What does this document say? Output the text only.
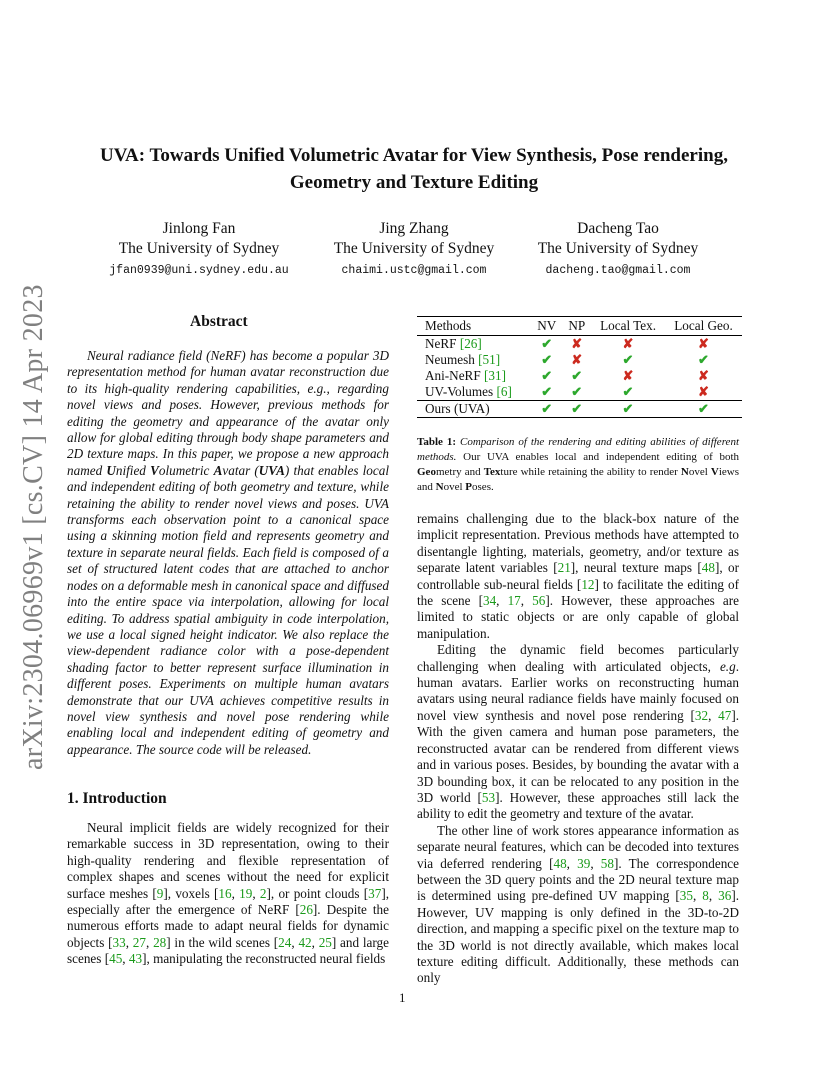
UVA: Towards Unified Volumetric Avatar for View Synthesis, Pose rendering, Geometry and Texture Editing
Jinlong Fan
The University of Sydney
jfan0939@uni.sydney.edu.au
Jing Zhang
The University of Sydney
chaimi.ustc@gmail.com
Dacheng Tao
The University of Sydney
dacheng.tao@gmail.com
arXiv:2304.06969v1 [cs.CV] 14 Apr 2023	Abstract

Neural radiance field (NeRF) has become a popular 3D representation method for human avatar reconstruction due to its high-quality rendering capabilities, e.g., regarding novel views and poses. However, previous methods for editing the geometry and appearance of the avatar only allow for global editing through body shape parameters and 2D texture maps. In this paper, we propose a new approach named Unified Volumetric Avatar (UVA) that enables local and independent editing of both geometry and texture, while retaining the ability to render novel views and poses. UVA transforms each observation point to a canonical space using a skinning motion field and represents geometry and texture in separate neural fields. Each field is composed of a set of structured latent codes that are attached to anchor nodes on a deformable mesh in canonical space and diffused into the entire space via interpolation, allowing for local editing. To address spatial ambiguity in code interpolation, we use a local signed height indicator. We also replace the view-dependent radiance color with a pose-dependent shading factor to better represent surface illumination in different poses. Experiments on multiple human avatars demonstrate that our UVA achieves competitive results in novel view synthesis and novel pose rendering while enabling local and independent editing of geometry and appearance. The source code will be released.

Methods	NV	NP	Local Tex.	Local Geo.
NeRF [26]	✔	✘	✘	✘
Neumesh [51]	✔	✘	✔	✔
Ani-NeRF [31]	✔	✔	✘	✘
UV-Volumes [6]	✔	✔	✔	✘
Ours (UVA)	✔	✔	✔	✔
Table 1: Comparison of the rendering and editing abilities of different methods. Our UVA enables local and independent editing of both Geometry and Texture while retaining the ability to render Novel Views and Novel Poses.
1. Introduction

Neural implicit fields are widely recognized for their remarkable success in 3D representation, owing to their high-quality rendering and flexible representation of complex shapes and scenes without the need for explicit surface meshes [9], voxels [16, 19, 2], or point clouds [37], especially after the emergence of NeRF [26]. Despite the numerous efforts made to adapt neural fields for dynamic objects [33, 27, 28] in the wild scenes [24, 42, 25] and large scenes [45, 43], manipulating the reconstructed neural fields

remains challenging due to the black-box nature of the implicit representation. Previous methods have attempted to disentangle lighting, materials, geometry, and/or texture as separate latent variables [21], neural texture maps [48], or controllable sub-neural fields [12] to facilitate the editing of the scene [34, 17, 56]. However, these approaches are limited to static objects or are only capable of global manipulation.

Editing the dynamic field becomes particularly challenging when dealing with articulated objects, e.g. human avatars. Earlier works on reconstructing human avatars using neural radiance fields have mainly focused on novel view synthesis and novel pose rendering [32, 47]. With the given camera and human pose parameters, the reconstructed avatar can be rendered from different views and in various poses. Besides, by bounding the avatar with a 3D bounding box, it can be relocated to any position in the 3D world [53]. However, these approaches still lack the ability to edit the geometry and texture of the avatar.

The other line of work stores appearance information as separate neural features, which can be decoded into textures via deferred rendering [48, 39, 58]. The correspondence between the 3D query points and the 2D neural texture map is determined using pre-defined UV mapping [35, 8, 36]. However, UV mapping is only defined in the 3D-to-2D direction, and mapping a specific pixel on the texture map to the 3D world is not directly available, which makes local texture editing difficult. Additionally, these methods can only

1
